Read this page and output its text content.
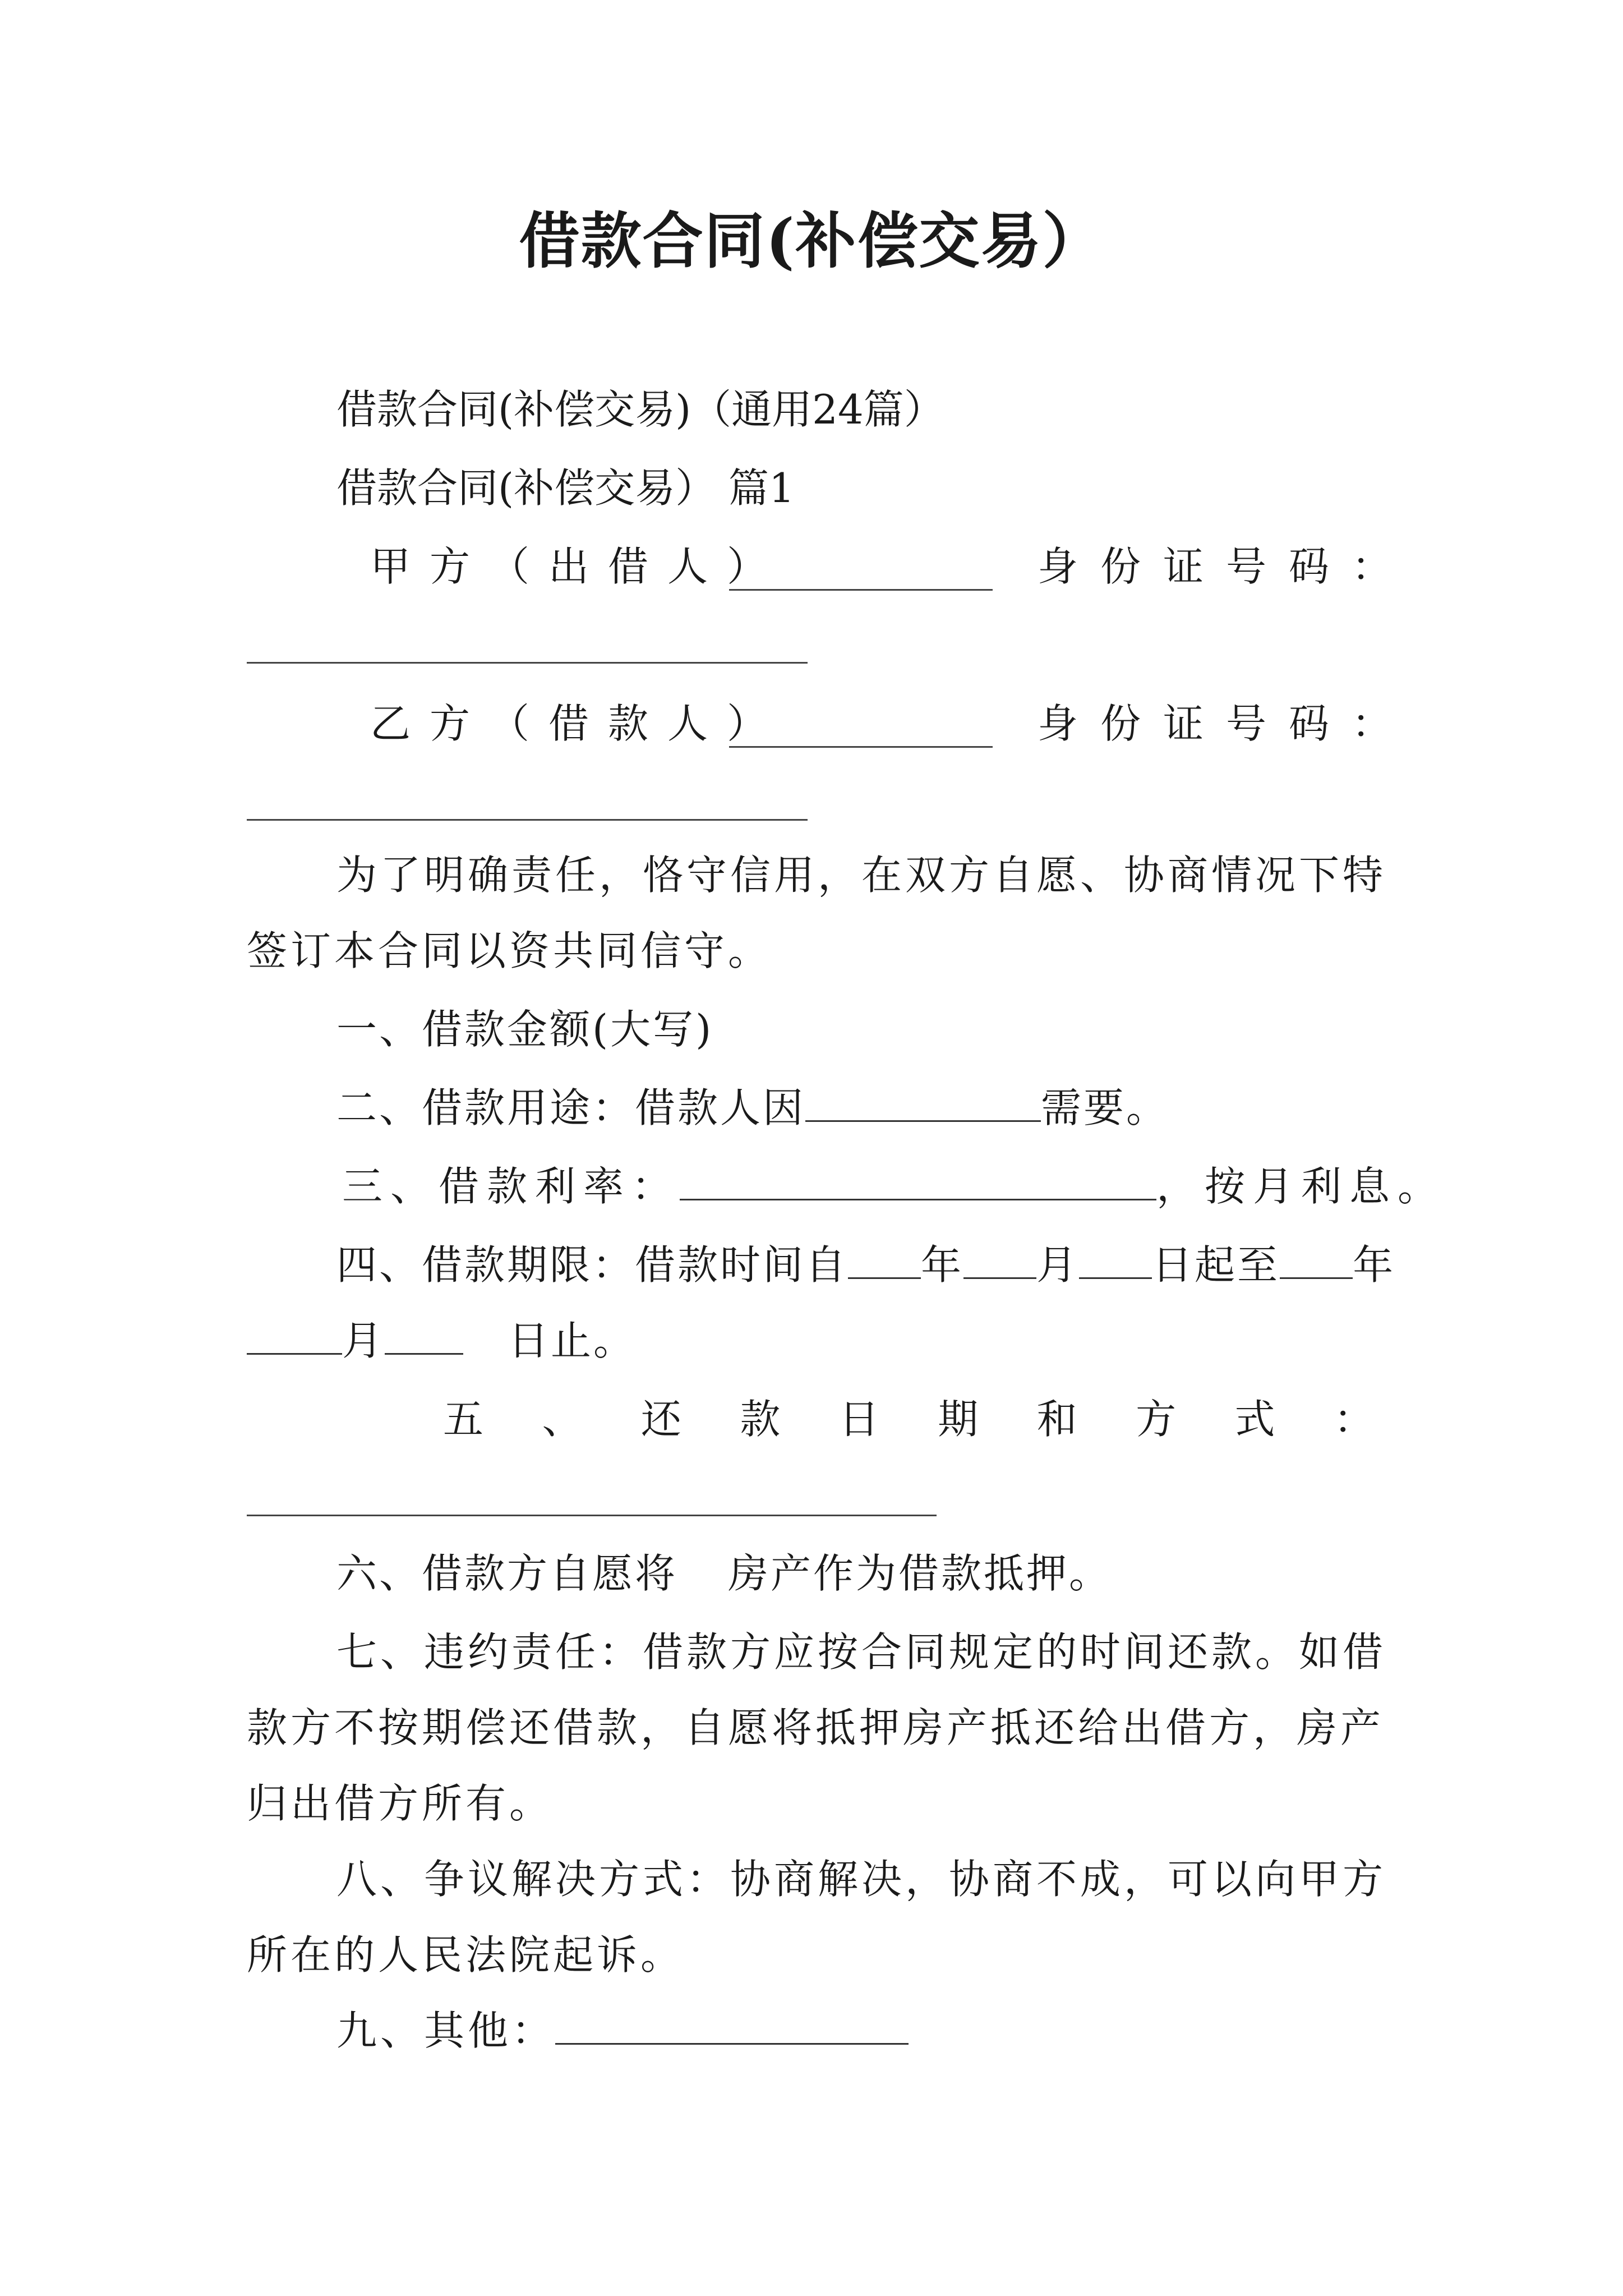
借款合同(补偿交易）
借款合同(补偿交易)（通用24篇）
借款合同(补偿交易） 篇1
甲方（出借人）	身份证号码：
乙方（借款人）	身份证号码：
为了明确责任，恪守信用，在双方自愿、协商情况下特
签订本合同以资共同信守。
一、借款金额(大写)
二、借款用途：借款人因	需要。
三、借款利率：	，按月利息。
四、借款期限：借款时间自 年 月 日起至 年
月	日止。
五 、 还 款 日 期 和 方 式 ：
六、借款方自愿将 房产作为借款抵押。
七、违约责任：借款方应按合同规定的时间还款。如借
款方不按期偿还借款，自愿将抵押房产抵还给出借方，房产
归出借方所有。
八、争议解决方式：协商解决，协商不成，可以向甲方
所在的人民法院起诉。
九、其他：
